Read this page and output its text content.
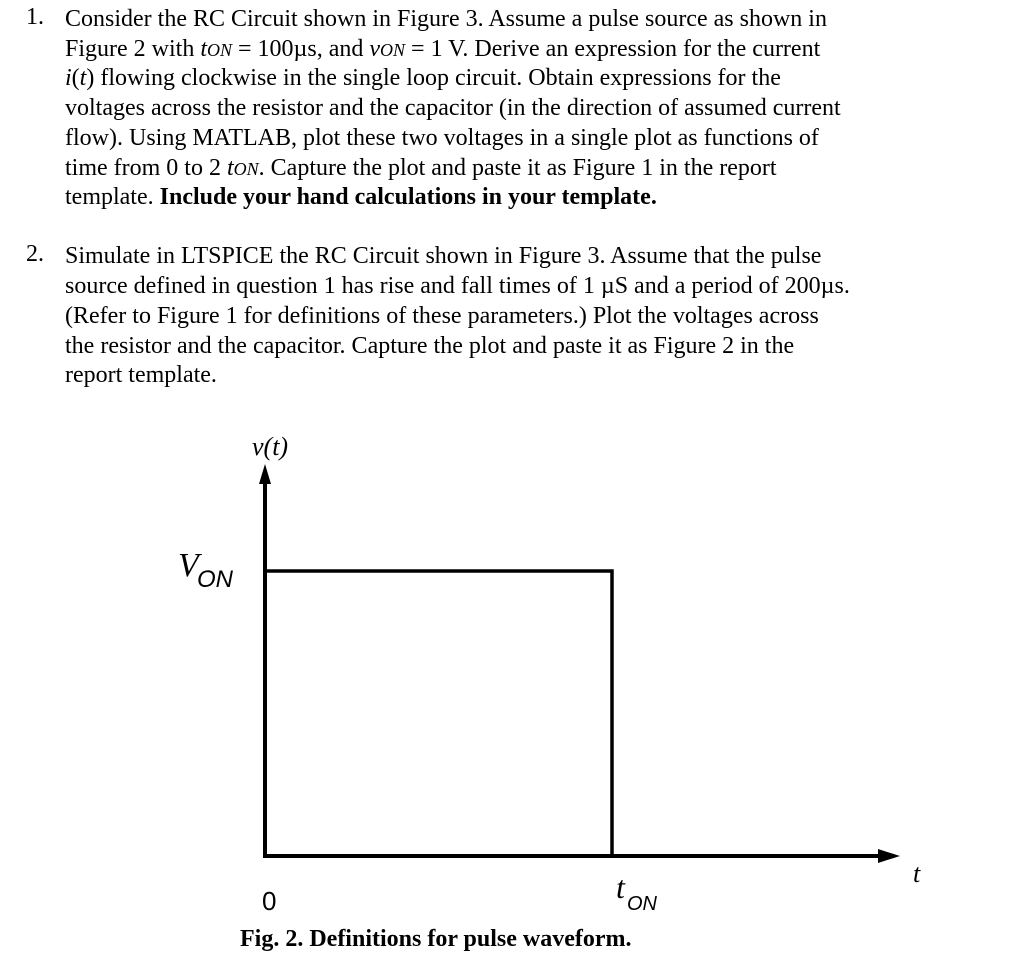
1. Consider the RC Circuit shown in Figure 3. Assume a pulse source as shown in
Figure 2 with tON = 100µs, and vON = 1 V. Derive an expression for the current
i(t) flowing clockwise in the single loop circuit. Obtain expressions for the
voltages across the resistor and the capacitor (in the direction of assumed current
flow). Using MATLAB, plot these two voltages in a single plot as functions of
time from 0 to 2 tON. Capture the plot and paste it as Figure 1 in the report
template. Include your hand calculations in your template.
2. Simulate in LTSPICE the RC Circuit shown in Figure 3. Assume that the pulse
source defined in question 1 has rise and fall times of 1 µS and a period of 200µs.
(Refer to Figure 1 for definitions of these parameters.) Plot the voltages across
the resistor and the capacitor. Capture the plot and paste it as Figure 2 in the
report template.
v(t)
V
ON
t
0	t ON
Fig. 2. Definitions for pulse waveform.
